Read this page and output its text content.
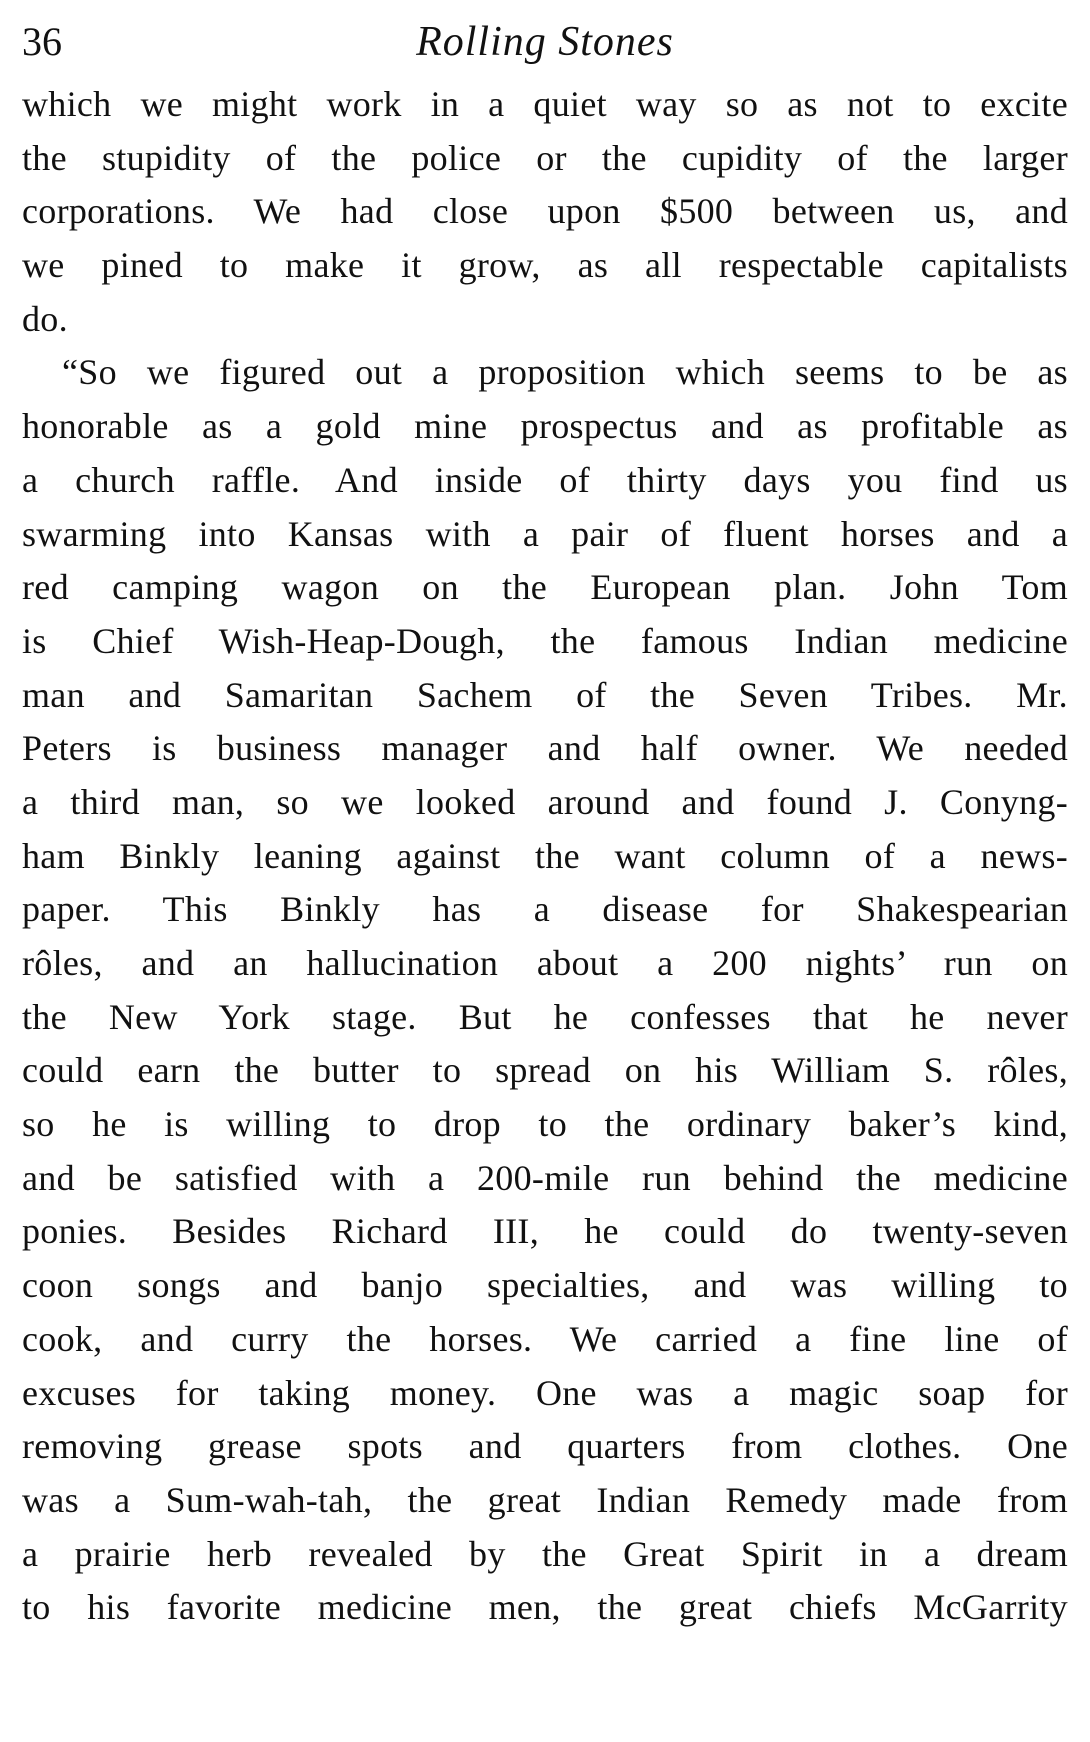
36	Rolling Stones
which we might work in a quiet way so as not to excite
the stupidity of the police or the cupidity of the larger
corporations. We had close upon $500 between us, and
we pined to make it grow, as all respectable capitalists
do.
“So we figured out a proposition which seems to be as
honorable as a gold mine prospectus and as profitable as
a church raffle. And inside of thirty days you find us
swarming into Kansas with a pair of fluent horses and a
red camping wagon on the European plan. John Tom
is Chief Wish-Heap-Dough, the famous Indian medicine
man and Samaritan Sachem of the Seven Tribes. Mr.
Peters is business manager and half owner. We needed
a third man, so we looked around and found J. Conyng-
ham Binkly leaning against the want column of a news-
paper. This Binkly has a disease for Shakespearian
rôles, and an hallucination about a 200 nights’ run on
the New York stage. But he confesses that he never
could earn the butter to spread on his William S. rôles,
so he is willing to drop to the ordinary baker’s kind,
and be satisfied with a 200-mile run behind the medicine
ponies. Besides Richard III, he could do twenty-seven
coon songs and banjo specialties, and was willing to
cook, and curry the horses. We carried a fine line of
excuses for taking money. One was a magic soap for
removing grease spots and quarters from clothes. One
was a Sum-wah-tah, the great Indian Remedy made from
a prairie herb revealed by the Great Spirit in a dream
to his favorite medicine men, the great chiefs McGarrity
